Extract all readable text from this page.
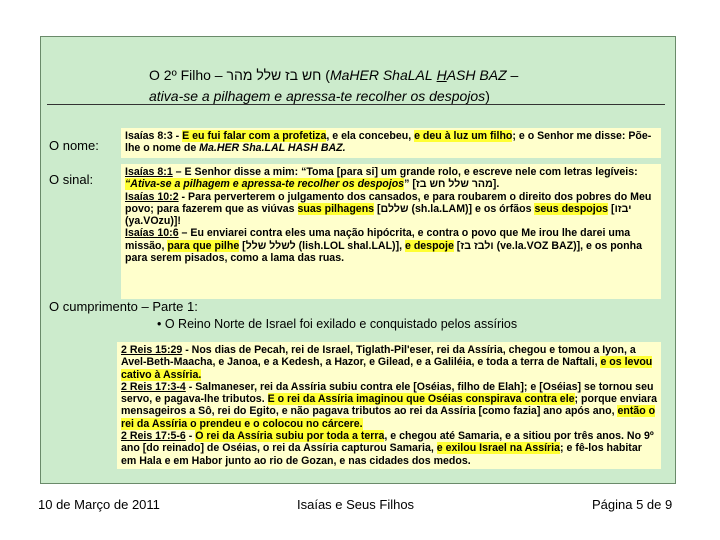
O 2º Filho – חש בז שלל מהר (MaHER ShaLAL HASH BAZ –
ativa-se a pilhagem e apressa-te recolher os despojos)
O nome:
O sinal:
Isaías 8:3 - E eu fui falar com a profetiza, e ela concebeu, e deu à luz um filho; e o Senhor me disse: Põe-lhe o nome de Ma.HER Sha.LAL HASH BAZ.
Isaías 8:1 – E Senhor disse a mim: “Toma [para si] um grande rolo, e escreve nele com letras legíveis: “Ativa-se a pilhagem e apressa-te recolher os despojos” [מהר שלל חש בז].
Isaías 10:2 - Para perverterem o julgamento dos cansados, e para roubarem o direito dos pobres do Meu povo; para fazerem que as viúvas suas pilhagens [שללם (sh.la.LAM)] e os órfãos seus despojos [יבזו (ya.VOzu)]!
Isaías 10:6 – Eu enviarei contra eles uma nação hipócrita, e contra o povo que Me irou lhe darei uma missão, para que pilhe [לשלל שלל (lish.LOL shal.LAL)], e despoje [ולבז בז (ve.la.VOZ BAZ)], e os ponha para serem pisados, como a lama das ruas.
O cumprimento – Parte 1:
• O Reino Norte de Israel foi exilado e conquistado pelos assírios
2 Reis 15:29 - Nos dias de Pecah, rei de Israel, Tiglath-Pil'eser, rei da Assíria, chegou e tomou a Iyon, a Avel-Beth-Maacha, e Janoa, e a Kedesh, a Hazor, e Gilead, e a Galiléia, e toda a terra de Naftali, e os levou cativo à Assíria.
2 Reis 17:3-4 - Salmaneser, rei da Assíria subiu contra ele [Oséias, filho de Elah]; e [Oséias] se tornou seu servo, e pagava-lhe tributos. E o rei da Assíria imaginou que Oséias conspirava contra ele; porque enviara mensageiros a Sô, rei do Egito, e não pagava tributos ao rei da Assíria [como fazia] ano após ano, então o rei da Assíria o prendeu e o colocou no cárcere.
2 Reis 17:5-6 - O rei da Assíria subiu por toda a terra, e chegou até Samaria, e a sitiou por três anos. No 9º ano [do reinado] de Oséias, o rei da Assíria capturou Samaria, e exilou Israel na Assíria; e fê-los habitar em Hala e em Habor junto ao rio de Gozan, e nas cidades dos medos.
10 de Março de 2011	Isaías e Seus Filhos	Página 5 de 9
